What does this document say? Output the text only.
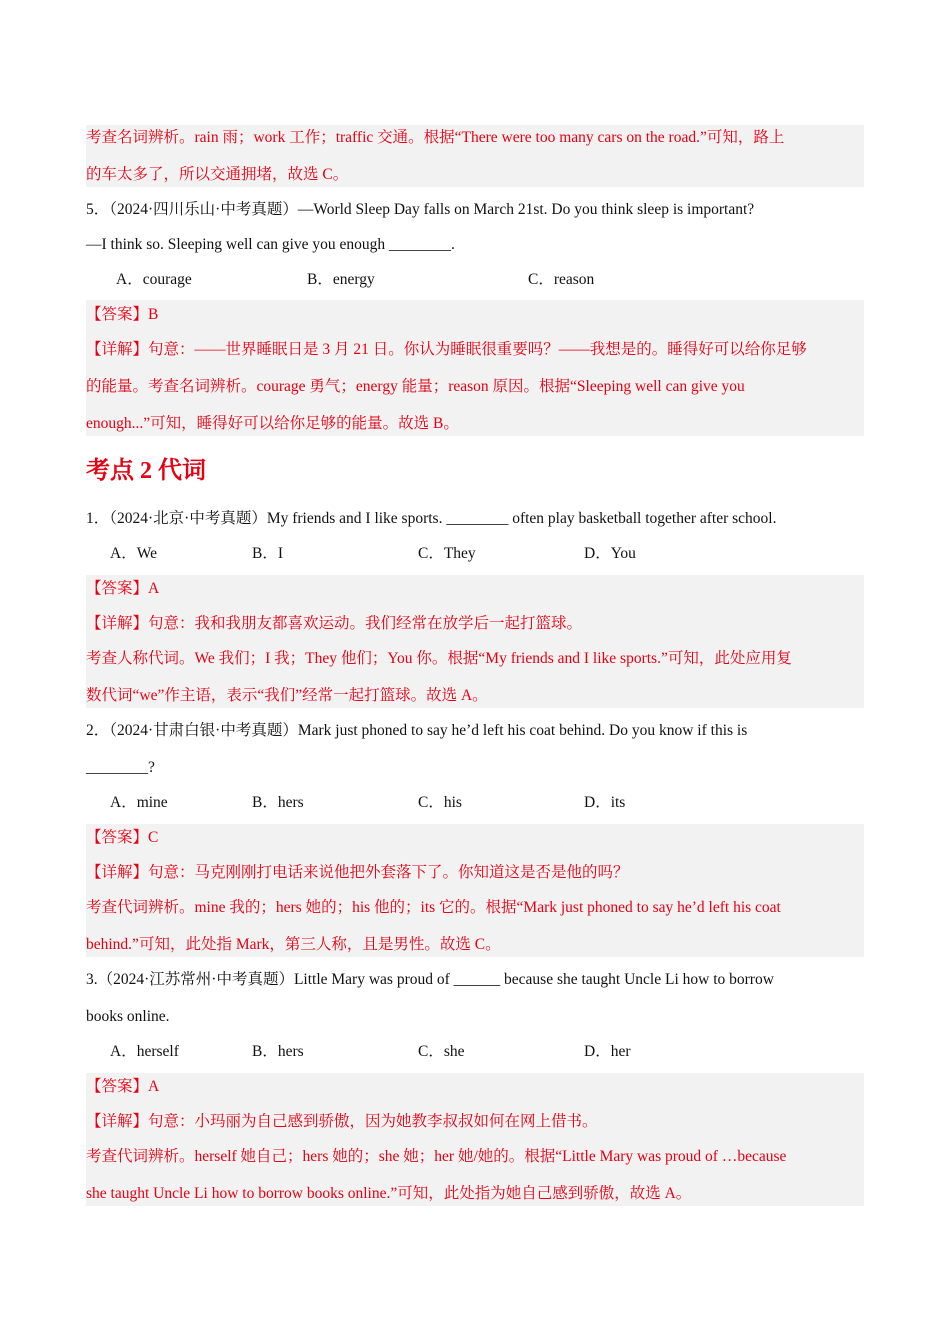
考查名词辨析。rain 雨；work 工作；traffic 交通。根据“There were too many cars on the road.”可知，路上
的车太多了，所以交通拥堵，故选 C。
5．（2024·四川乐山·中考真题）—World Sleep Day falls on March 21st. Do you think sleep is important?
—I think so. Sleeping well can give you enough ________.
A．courage	B．energy	C．reason
【答案】B
【详解】句意：——世界睡眠日是 3 月 21 日。你认为睡眠很重要吗？——我想是的。睡得好可以给你足够
的能量。考查名词辨析。courage 勇气；energy 能量；reason 原因。根据“Sleeping well can give you
enough...”可知，睡得好可以给你足够的能量。故选 B。
考点 2 代词
1．（2024·北京·中考真题）My friends and I like sports. ________ often play basketball together after school.
A．We	B．I	C．They	D．You
【答案】A
【详解】句意：我和我朋友都喜欢运动。我们经常在放学后一起打篮球。
考查人称代词。We 我们；I 我；They 他们；You 你。根据“My friends and I like sports.”可知，此处应用复
数代词“we”作主语，表示“我们”经常一起打篮球。故选 A。
2．（2024·甘肃白银·中考真题）Mark just phoned to say he’d left his coat behind. Do you know if this is
________?
A．mine	B．hers	C．his	D．its
【答案】C
【详解】句意：马克刚刚打电话来说他把外套落下了。你知道这是否是他的吗？
考查代词辨析。mine 我的；hers 她的；his 他的；its 它的。根据“Mark just phoned to say he’d left his coat
behind.”可知，此处指 Mark，第三人称，且是男性。故选 C。
3.（2024·江苏常州·中考真题）Little Mary was proud of ______ because she taught Uncle Li how to borrow
books online.
A．herself	B．hers	C．she	D．her
【答案】A
【详解】句意：小玛丽为自己感到骄傲，因为她教李叔叔如何在网上借书。
考查代词辨析。herself 她自己；hers 她的；she 她；her 她/她的。根据“Little Mary was proud of …because
she taught Uncle Li how to borrow books online.”可知，此处指为她自己感到骄傲，故选 A。
